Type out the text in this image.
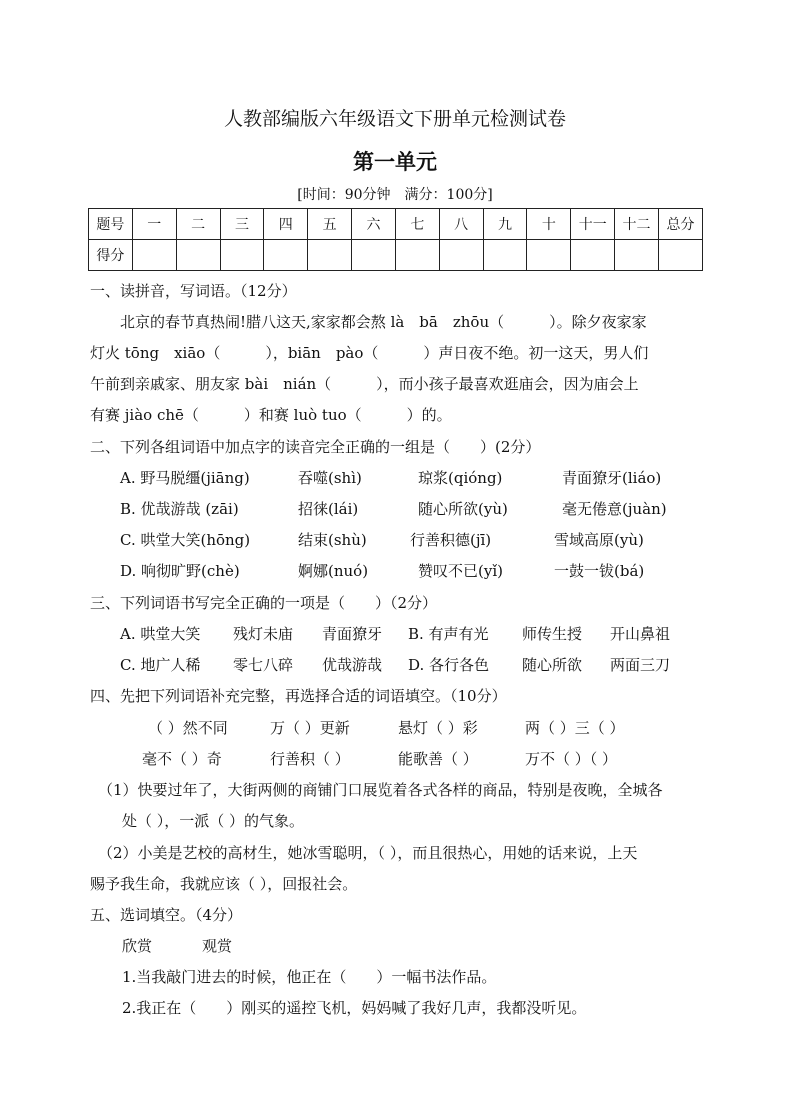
人教部编版六年级语文下册单元检测试卷
第一单元
[时间：90分钟　满分：100分]
题号	一	二	三	四	五	六	七	八	九	十	十一	十二	总分
得分													
一、读拼音，写词语。（12分）
北京的春节真热闹!腊八这天,家家都会熬 là　bā　zhōu（　　　）。除夕夜家家
灯火 tōng　xiāo（　　　），biān　pào（　　　）声日夜不绝。初一这天，男人们
午前到亲戚家、朋友家 bài　nián（　　　），而小孩子最喜欢逛庙会，因为庙会上
有赛 jiào chē（　　　）和赛 luò tuo（　　　）的。
二、下列各组词语中加点字的读音完全正确的一组是（　　）(2分）
A. 野马脱缰(jiāng)	吞噬(shì)	琼浆(qióng)	青面獠牙(liáo)
B. 优哉游哉 (zāi)	招徕(lái)	随心所欲(yù)	毫无倦意(juàn)
C. 哄堂大笑(hōng)	结束(shù)	行善积德(jī)	雪域高原(yù)
D. 响彻旷野(chè)	婀娜(nuó)	赞叹不已(yǐ)	一鼓一钹(bá)
三、下列词语书写完全正确的一项是（　　）（2分）
A. 哄堂大笑 残灯未庙 青面獠牙 B. 有声有光 师传生授 开山鼻祖
C. 地广人稀 零七八碎 优哉游哉 D. 各行各色 随心所欲 两面三刀
四、先把下列词语补充完整，再选择合适的词语填空。（10分）
（ ）然不同	万（ ）更新	悬灯（ ）彩	两（ ）三（ ）
毫不（ ）奇	行善积（ ）	能歌善（ ）	万不（ ）（ ）
（1）快要过年了，大街两侧的商铺门口展览着各式各样的商品，特别是夜晚，全城各
处（ ），一派（ ）的气象。
（2）小美是艺校的高材生，她冰雪聪明，（ ），而且很热心，用她的话来说，上天
赐予我生命，我就应该（ ），回报社会。
五、选词填空。（4分）
欣赏	观赏
1.当我敲门进去的时候，他正在（　　）一幅书法作品。
2.我正在（　　）刚买的遥控飞机，妈妈喊了我好几声，我都没听见。
